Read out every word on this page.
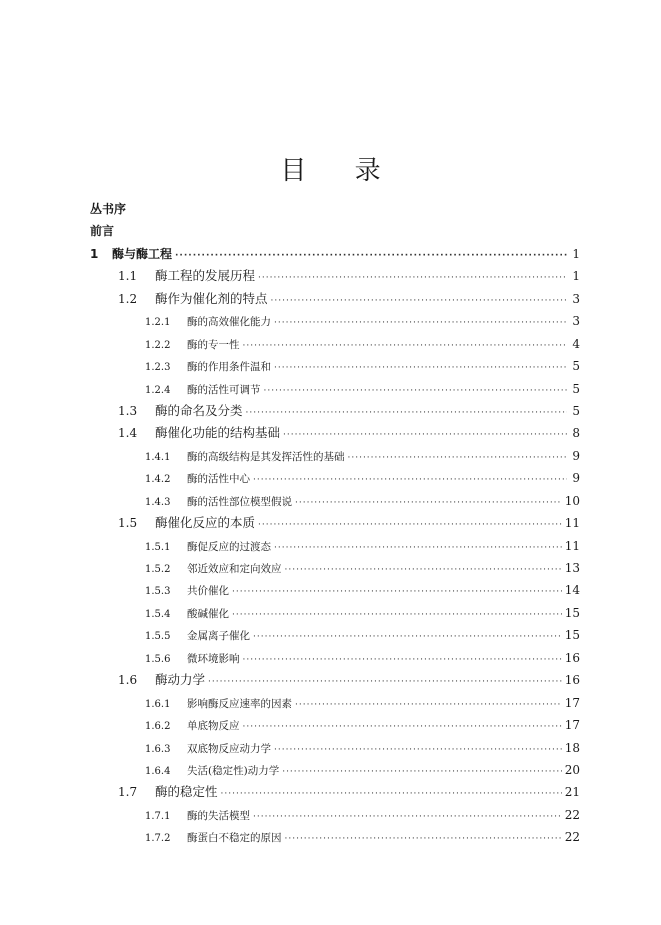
目 录
丛书序
前言
1	酶与酶工程 ·····	1
1.1	酶工程的发展历程 ·····	1
1.2	酶作为催化剂的特点 ·····	3
1.2.1	酶的高效催化能力 ·····	3
1.2.2	酶的专一性 ·····	4
1.2.3	酶的作用条件温和 ·····	5
1.2.4	酶的活性可调节 ·····	5
1.3	酶的命名及分类 ·····	5
1.4	酶催化功能的结构基础 ·····	8
1.4.1	酶的高级结构是其发挥活性的基础 ·····	9
1.4.2	酶的活性中心 ·····	9
1.4.3	酶的活性部位模型假说 ·····	10
1.5	酶催化反应的本质 ·····	11
1.5.1	酶促反应的过渡态 ·····	11
1.5.2	邻近效应和定向效应 ·····	13
1.5.3	共价催化 ·····	14
1.5.4	酸碱催化 ·····	15
1.5.5	金属离子催化 ·····	15
1.5.6	微环境影响 ·····	16
1.6	酶动力学 ·····	16
1.6.1	影响酶反应速率的因素 ·····	17
1.6.2	单底物反应 ·····	17
1.6.3	双底物反应动力学 ·····	18
1.6.4	失活(稳定性)动力学 ·····	20
1.7	酶的稳定性 ·····	21
1.7.1	酶的失活模型 ·····	22
1.7.2	酶蛋白不稳定的原因 ·····	22
